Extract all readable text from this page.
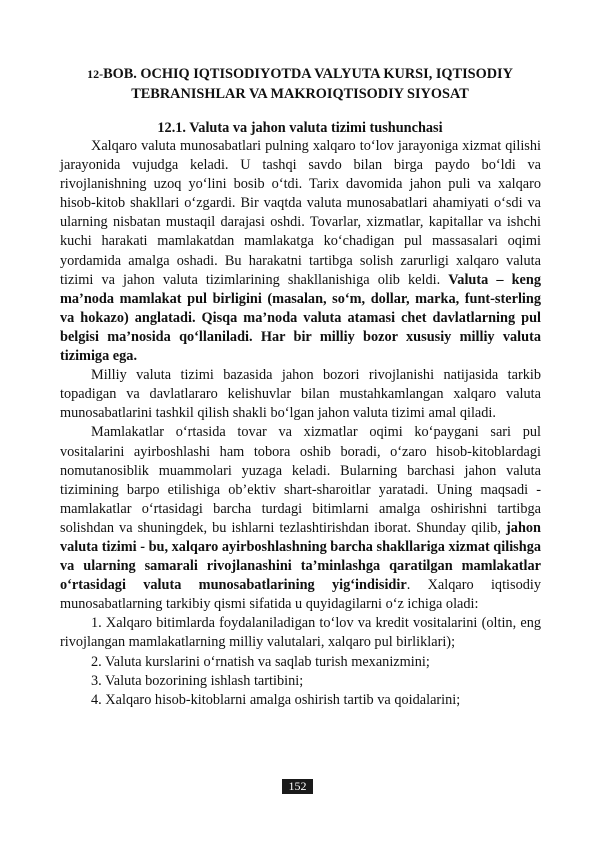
12-BOB. OCHIQ IQTISODIYOTDA VALYUTA KURSI, IQTISODIY TEBRANISHLAR VA MAKROIQTISODIY SIYOSAT
12.1. Valuta va jahon valuta tizimi tushunchasi

Xalqaro valuta munosabatlari pulning xalqaro to‘lov jarayoniga xizmat qilishi jarayonida vujudga keladi. U tashqi savdo bilan birga paydo bo‘ldi va rivojlanishning uzoq yo‘lini bosib o‘tdi. Tarix davomida jahon puli va xalqaro hisob-kitob shakllari o‘zgardi. Bir vaqtda valuta munosabatlari ahamiyati o‘sdi va ularning nisbatan mustaqil darajasi oshdi. Tovarlar, xizmatlar, kapitallar va ishchi kuchi harakati mamlakatdan mamlakatga ko‘chadigan pul massasalari oqimi yordamida amalga oshadi. Bu harakatni tartibga solish zarurligi xalqaro valuta tizimi va jahon valuta tizimlarining shakllanishiga olib keldi. Valuta – keng ma’noda mamlakat pul birligini (masalan, so‘m, dollar, marka, funt-sterling va hokazo) anglatadi. Qisqa ma’noda valuta atamasi chet davlatlarning pul belgisi ma’nosida qo‘llaniladi. Har bir milliy bozor xususiy milliy valuta tizimiga ega.

Milliy valuta tizimi bazasida jahon bozori rivojlanishi natijasida tarkib topadigan va davlatlararo kelishuvlar bilan mustahkamlangan xalqaro valuta munosabatlarini tashkil qilish shakli bo‘lgan jahon valuta tizimi amal qiladi.

Mamlakatlar o‘rtasida tovar va xizmatlar oqimi ko‘paygani sari pul vositalarini ayirboshlashi ham tobora oshib boradi, o‘zaro hisob-kitoblardagi nomutanosiblik muammolari yuzaga keladi. Bularning barchasi jahon valuta tizimining barpo etilishiga ob’ektiv shart-sharoitlar yaratadi. Uning maqsadi - mamlakatlar o‘rtasidagi barcha turdagi bitimlarni amalga oshirishni tartibga solishdan va shuningdek, bu ishlarni tezlashtirishdan iborat. Shunday qilib, jahon valuta tizimi - bu, xalqaro ayirboshlashning barcha shakllariga xizmat qilishga va ularning samarali rivojlanashini ta’minlashga qaratilgan mamlakatlar o‘rtasidagi valuta munosabatlarining yig‘indisidir. Xalqaro iqtisodiy munosabatlarning tarkibiy qismi sifatida u quyidagilarni o‘z ichiga oladi:

1. Xalqaro bitimlarda foydalaniladigan to‘lov va kredit vositalarini (oltin, eng rivojlangan mamlakatlarning milliy valutalari, xalqaro pul birliklari);

2. Valuta kurslarini o‘rnatish va saqlab turish mexanizmini;

3. Valuta bozorining ishlash tartibini;

4. Xalqaro hisob-kitoblarni amalga oshirish tartib va qoidalarini;

152
